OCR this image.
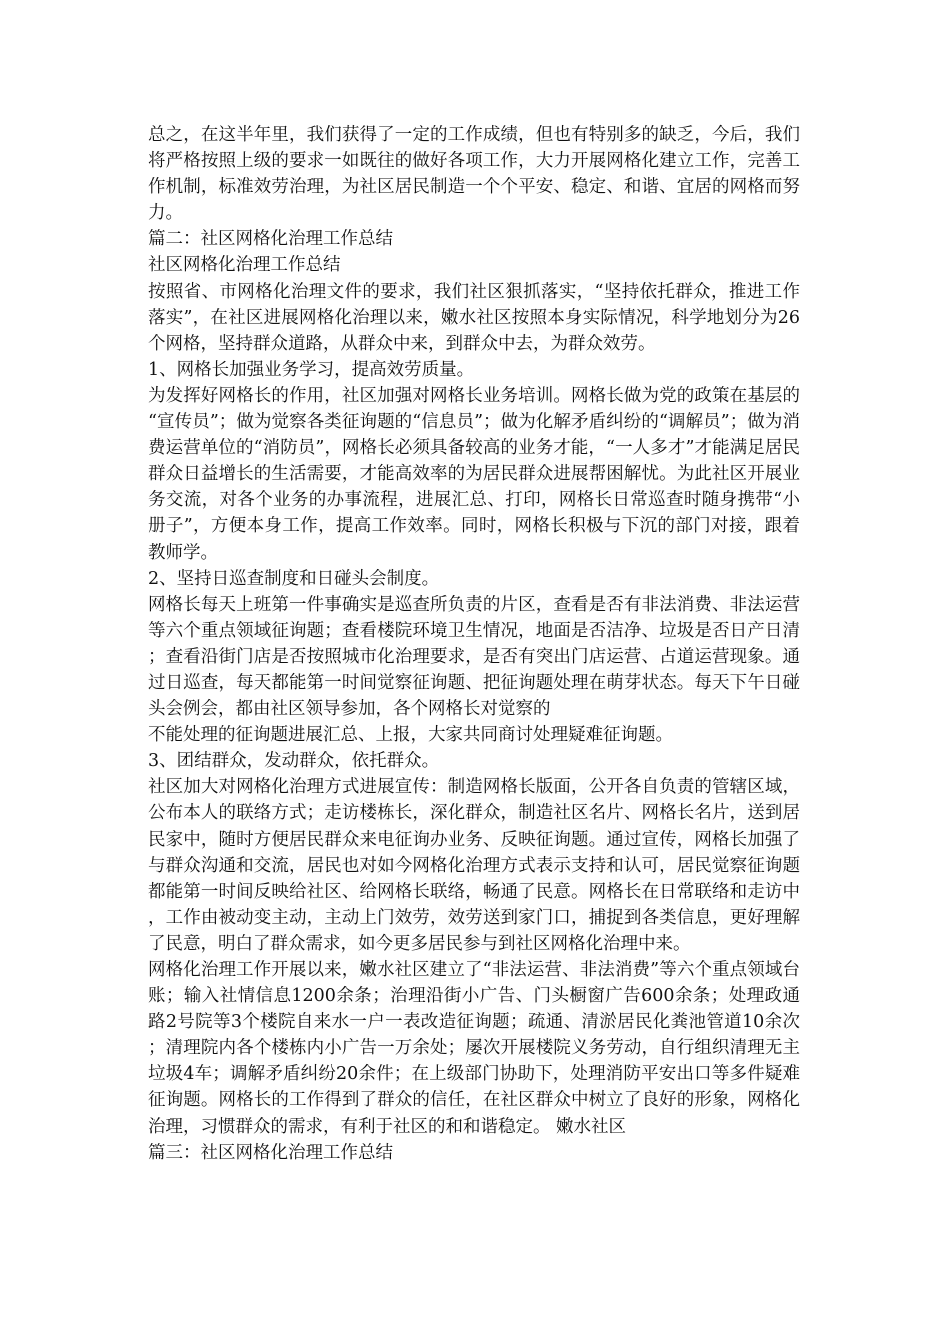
总之，在这半年里，我们获得了一定的工作成绩，但也有特别多的缺乏，今后，我们将严格按照上级的要求一如既往的做好各项工作，大力开展网格化建立工作，完善工作机制，标准效劳治理，为社区居民制造一个个平安、稳定、和谐、宜居的网格而努力。

篇二：社区网格化治理工作总结

社区网格化治理工作总结

按照省、市网格化治理文件的要求，我们社区狠抓落实，“坚持依托群众，推进工作落实”，在社区进展网格化治理以来，嫩水社区按照本身实际情况，科学地划分为26个网格，坚持群众道路，从群众中来，到群众中去，为群众效劳。

1、网格长加强业务学习，提高效劳质量。

为发挥好网格长的作用，社区加强对网格长业务培训。网格长做为党的政策在基层的“宣传员”；做为觉察各类征询题的“信息员”；做为化解矛盾纠纷的“调解员”；做为消费运营单位的“消防员”，网格长必须具备较高的业务才能，“一人多才”才能满足居民群众日益增长的生活需要，才能高效率的为居民群众进展帮困解忧。为此社区开展业务交流，对各个业务的办事流程，进展汇总、打印，网格长日常巡查时随身携带“小册子”，方便本身工作，提高工作效率。同时，网格长积极与下沉的部门对接，跟着教师学。

2、坚持日巡查制度和日碰头会制度。

网格长每天上班第一件事确实是巡查所负责的片区，查看是否有非法消费、非法运营等六个重点领域征询题；查看楼院环境卫生情况，地面是否洁净、垃圾是否日产日清；查看沿街门店是否按照城市化治理要求，是否有突出门店运营、占道运营现象。通过日巡查，每天都能第一时间觉察征询题、把征询题处理在萌芽状态。每天下午日碰头会例会，都由社区领导参加，各个网格长对觉察的

不能处理的征询题进展汇总、上报，大家共同商讨处理疑难征询题。

3、团结群众，发动群众，依托群众。

社区加大对网格化治理方式进展宣传：制造网格长版面，公开各自负责的管辖区域，公布本人的联络方式；走访楼栋长，深化群众，制造社区名片、网格长名片，送到居民家中，随时方便居民群众来电征询办业务、反映征询题。通过宣传，网格长加强了与群众沟通和交流，居民也对如今网格化治理方式表示支持和认可，居民觉察征询题都能第一时间反映给社区、给网格长联络，畅通了民意。网格长在日常联络和走访中，工作由被动变主动，主动上门效劳，效劳送到家门口，捕捉到各类信息，更好理解了民意，明白了群众需求，如今更多居民参与到社区网格化治理中来。

网格化治理工作开展以来，嫩水社区建立了“非法运营、非法消费”等六个重点领域台账；输入社情信息1200余条；治理沿街小广告、门头橱窗广告600余条；处理政通路2号院等3个楼院自来水一户一表改造征询题；疏通、清淤居民化粪池管道10余次；清理院内各个楼栋内小广告一万余处；屡次开展楼院义务劳动，自行组织清理无主垃圾4车；调解矛盾纠纷20余件；在上级部门协助下，处理消防平安出口等多件疑难征询题。网格长的工作得到了群众的信任，在社区群众中树立了良好的形象，网格化治理，习惯群众的需求，有利于社区的和和谐稳定。 嫩水社区

篇三：社区网格化治理工作总结
